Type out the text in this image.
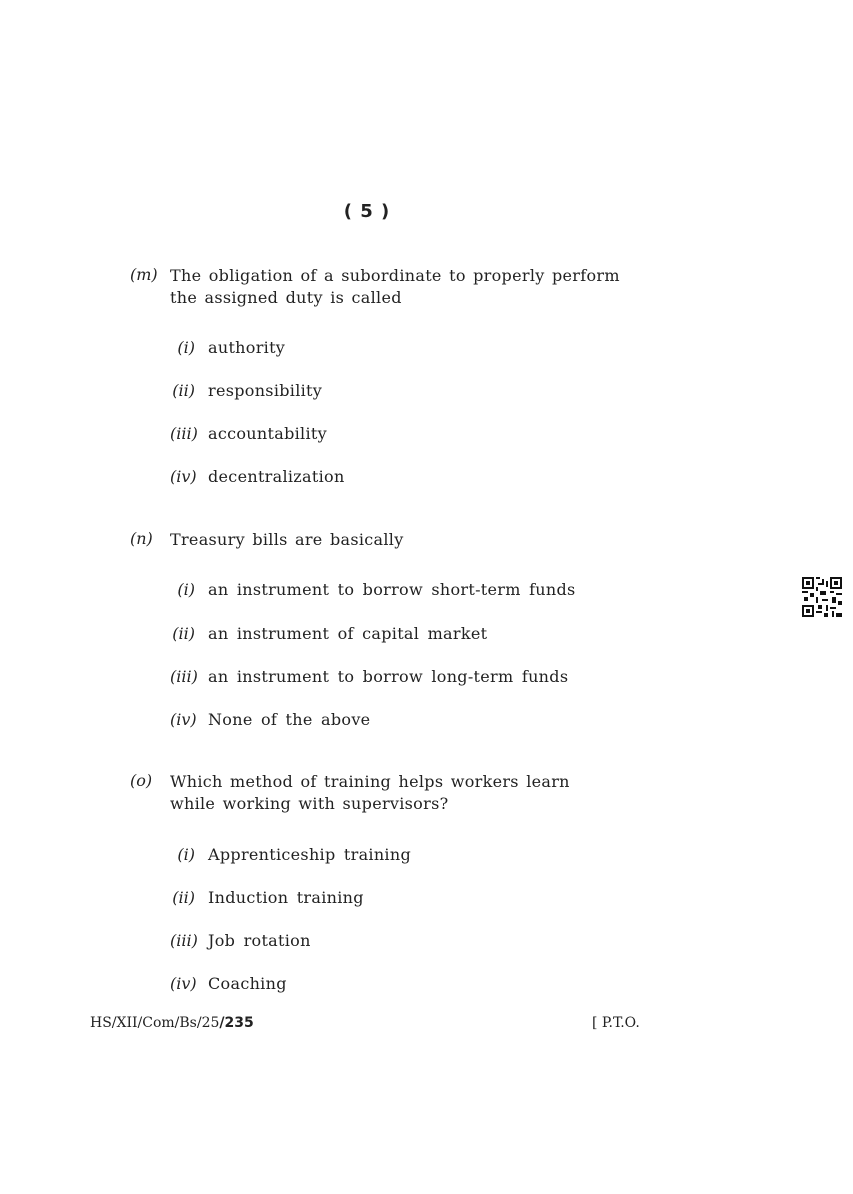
( 5 )
(m) The obligation of a subordinate to properly perform the assigned duty is called
(i) authority
(ii) responsibility
(iii) accountability
(iv) decentralization
(n) Treasury bills are basically
(i) an instrument to borrow short-term funds
(ii) an instrument of capital market
(iii) an instrument to borrow long-term funds
(iv) None of the above
(o) Which method of training helps workers learn while working with supervisors?
(i) Apprenticeship training
(ii) Induction training
(iii) Job rotation
(iv) Coaching
HS/XII/Com/Bs/25/235	[ P.T.O.
